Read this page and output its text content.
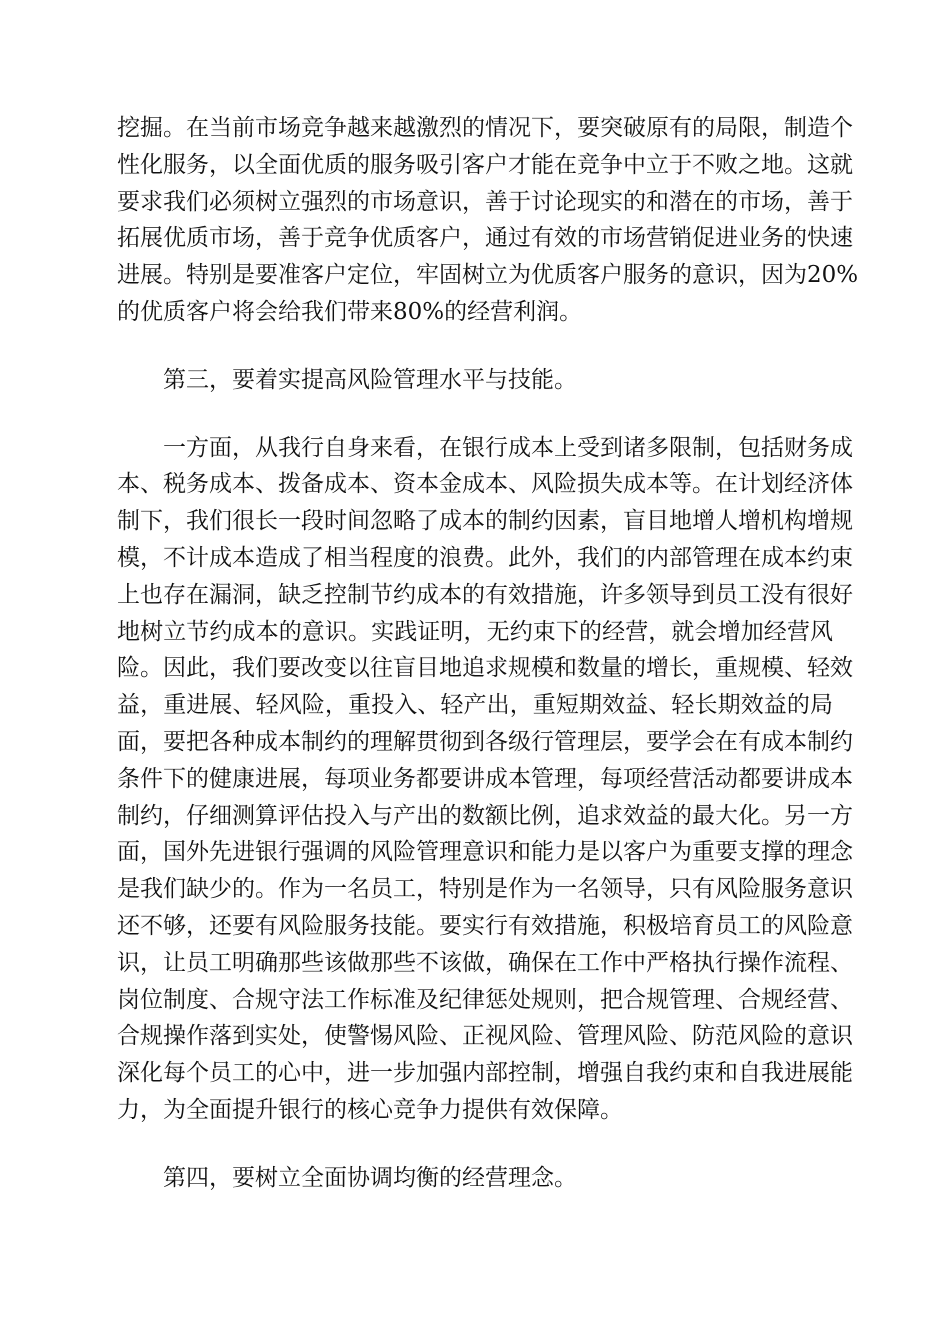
挖掘。在当前市场竞争越来越激烈的情况下，要突破原有的局限，制造个
性化服务，以全面优质的服务吸引客户才能在竞争中立于不败之地。这就
要求我们必须树立强烈的市场意识，善于讨论现实的和潜在的市场，善于
拓展优质市场，善于竞争优质客户，通过有效的市场营销促进业务的快速
进展。特别是要准客户定位，牢固树立为优质客户服务的意识，因为20%
的优质客户将会给我们带来80%的经营利润。
第三，要着实提高风险管理水平与技能。
一方面，从我行自身来看，在银行成本上受到诸多限制，包括财务成
本、税务成本、拨备成本、资本金成本、风险损失成本等。在计划经济体
制下，我们很长一段时间忽略了成本的制约因素，盲目地增人增机构增规
模，不计成本造成了相当程度的浪费。此外，我们的内部管理在成本约束
上也存在漏洞，缺乏控制节约成本的有效措施，许多领导到员工没有很好
地树立节约成本的意识。实践证明，无约束下的经营，就会增加经营风
险。因此，我们要改变以往盲目地追求规模和数量的增长，重规模、轻效
益，重进展、轻风险，重投入、轻产出，重短期效益、轻长期效益的局
面，要把各种成本制约的理解贯彻到各级行管理层，要学会在有成本制约
条件下的健康进展，每项业务都要讲成本管理，每项经营活动都要讲成本
制约，仔细测算评估投入与产出的数额比例，追求效益的最大化。另一方
面，国外先进银行强调的风险管理意识和能力是以客户为重要支撑的理念
是我们缺少的。作为一名员工，特别是作为一名领导，只有风险服务意识
还不够，还要有风险服务技能。要实行有效措施，积极培育员工的风险意
识，让员工明确那些该做那些不该做，确保在工作中严格执行操作流程、
岗位制度、合规守法工作标准及纪律惩处规则，把合规管理、合规经营、
合规操作落到实处，使警惕风险、正视风险、管理风险、防范风险的意识
深化每个员工的心中，进一步加强内部控制，增强自我约束和自我进展能
力，为全面提升银行的核心竞争力提供有效保障。
第四，要树立全面协调均衡的经营理念。
